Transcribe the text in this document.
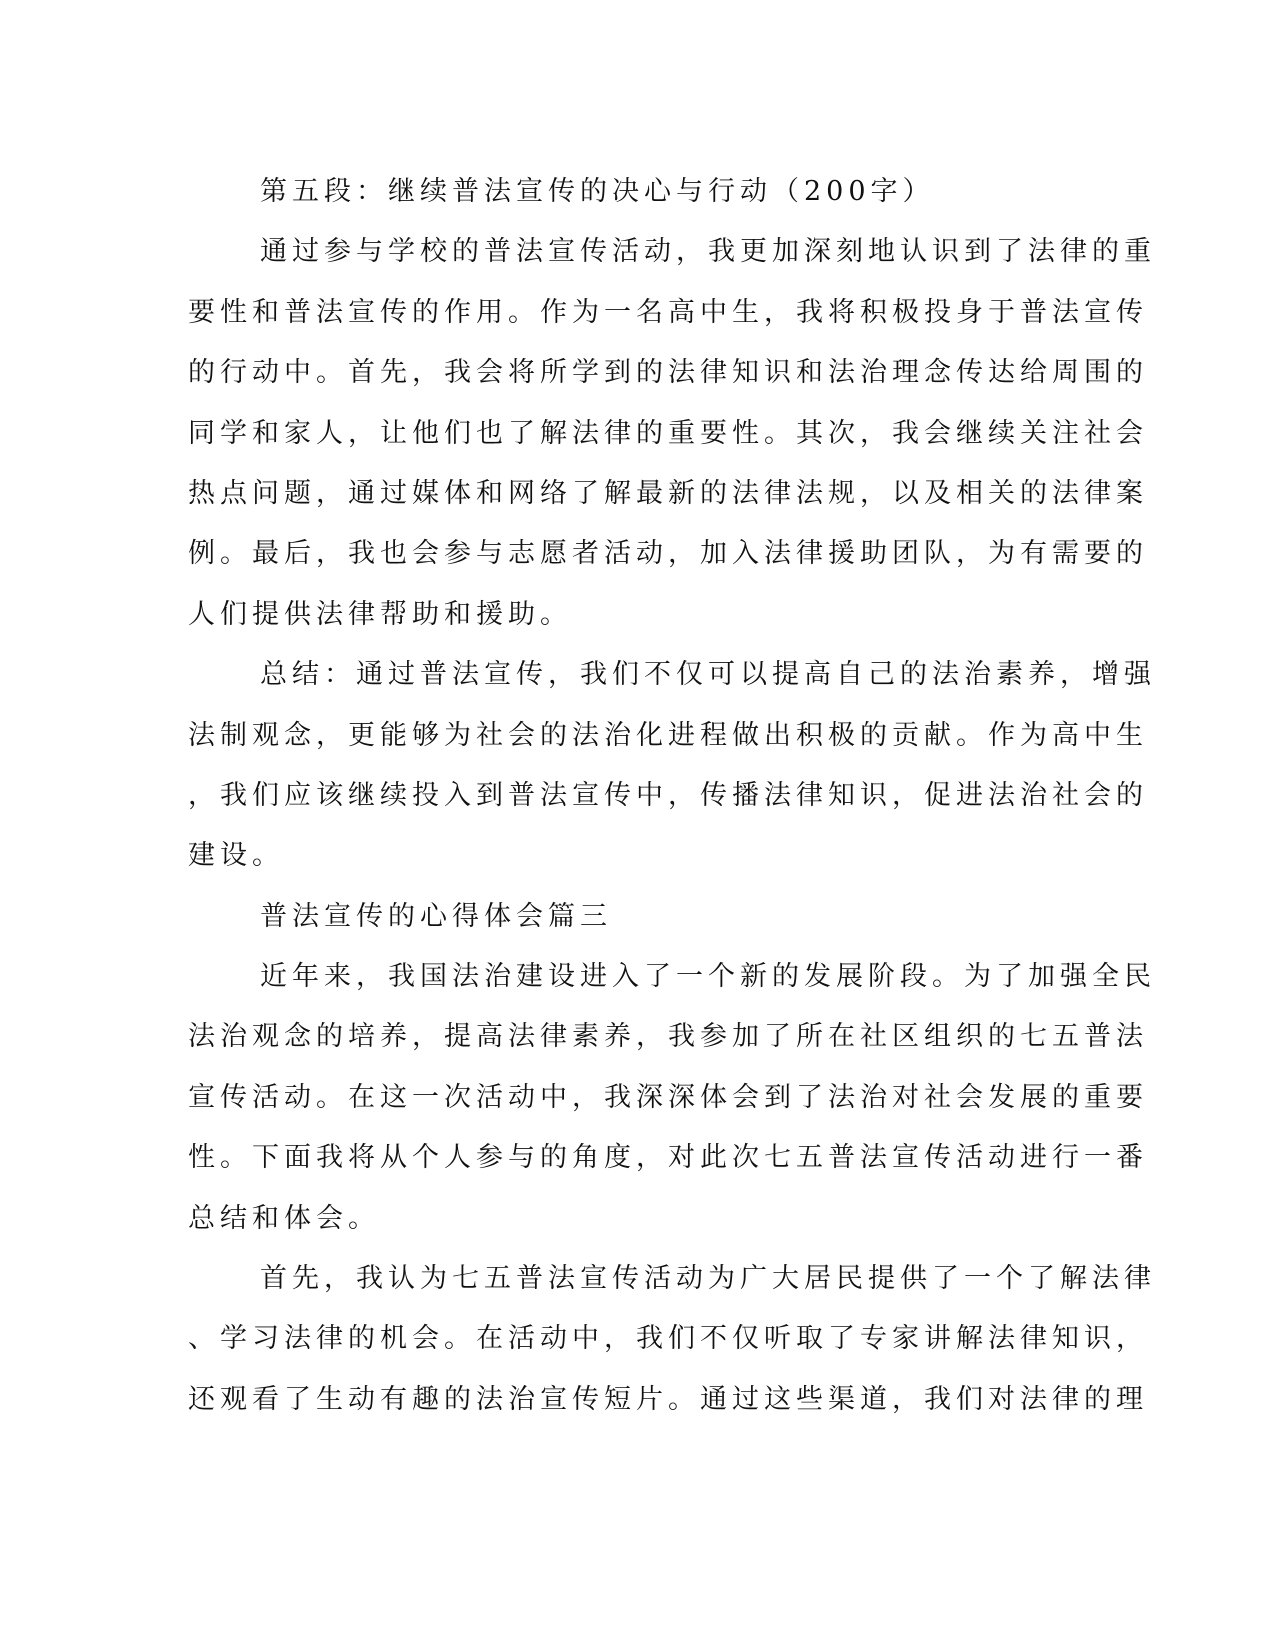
第五段：继续普法宣传的决心与行动（200字）
通过参与学校的普法宣传活动，我更加深刻地认识到了法律的重
要性和普法宣传的作用。作为一名高中生，我将积极投身于普法宣传
的行动中。首先，我会将所学到的法律知识和法治理念传达给周围的
同学和家人，让他们也了解法律的重要性。其次，我会继续关注社会
热点问题，通过媒体和网络了解最新的法律法规，以及相关的法律案
例。最后，我也会参与志愿者活动，加入法律援助团队，为有需要的
人们提供法律帮助和援助。
总结：通过普法宣传，我们不仅可以提高自己的法治素养，增强
法制观念，更能够为社会的法治化进程做出积极的贡献。作为高中生
，我们应该继续投入到普法宣传中，传播法律知识，促进法治社会的
建设。
普法宣传的心得体会篇三
近年来，我国法治建设进入了一个新的发展阶段。为了加强全民
法治观念的培养，提高法律素养，我参加了所在社区组织的七五普法
宣传活动。在这一次活动中，我深深体会到了法治对社会发展的重要
性。下面我将从个人参与的角度，对此次七五普法宣传活动进行一番
总结和体会。
首先，我认为七五普法宣传活动为广大居民提供了一个了解法律
、学习法律的机会。在活动中，我们不仅听取了专家讲解法律知识，
还观看了生动有趣的法治宣传短片。通过这些渠道，我们对法律的理
